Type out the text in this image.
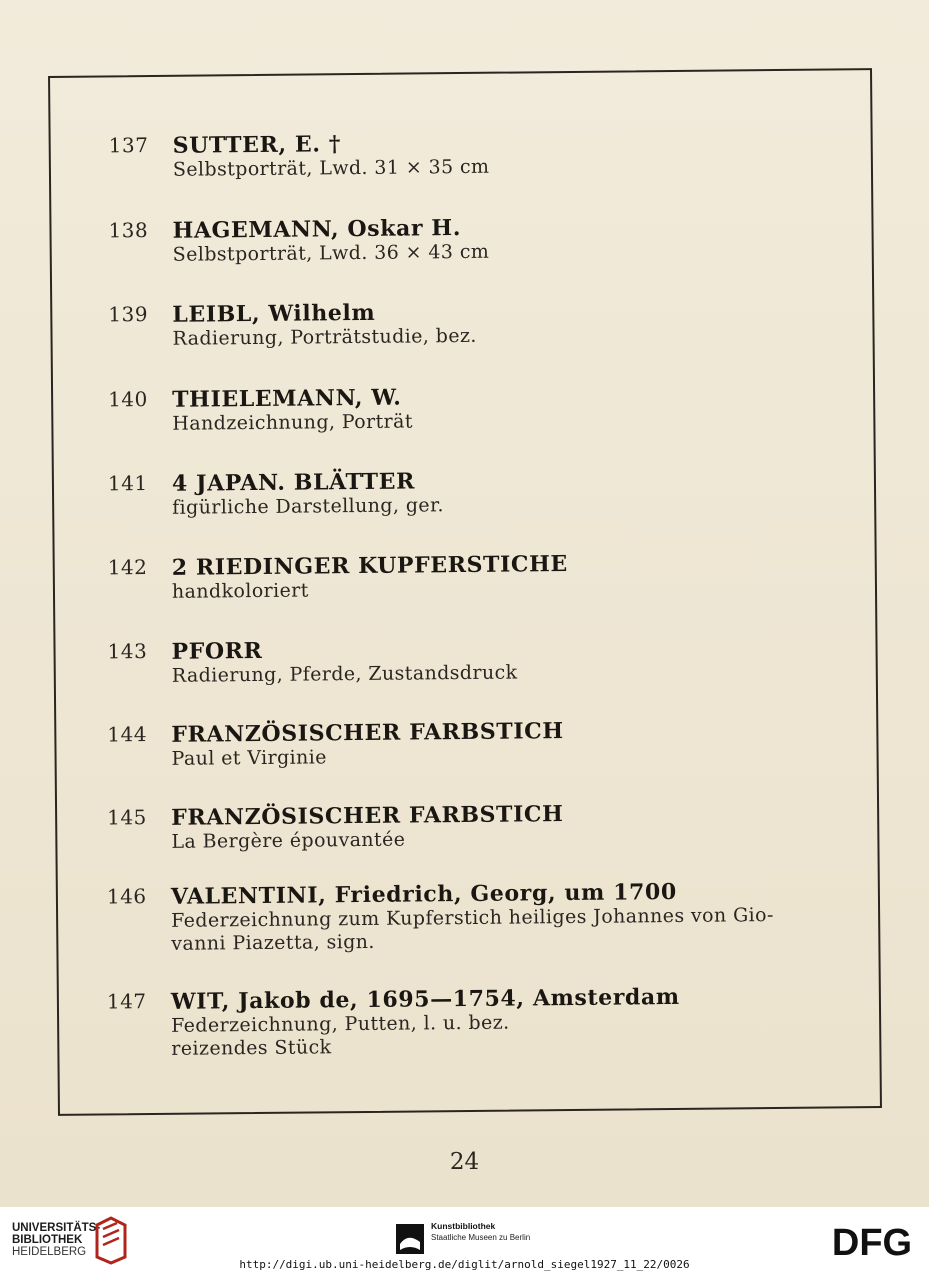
137	SUTTER, E. †
Selbstporträt, Lwd. 31 × 35 cm
138	HAGEMANN, Oskar H.
Selbstporträt, Lwd. 36 × 43 cm
139	LEIBL, Wilhelm
Radierung, Porträtstudie, bez.
140	THIELEMANN, W.
Handzeichnung, Porträt
141	4 JAPAN. BLÄTTER
figürliche Darstellung, ger.
142	2 RIEDINGER KUPFERSTICHE
handkoloriert
143	PFORR
Radierung, Pferde, Zustandsdruck
144	FRANZÖSISCHER FARBSTICH
Paul et Virginie
145	FRANZÖSISCHER FARBSTICH
La Bergère épouvantée
146	VALENTINI, Friedrich, Georg, um 1700
Federzeichnung zum Kupferstich heiliges Johannes von Gio-
vanni Piazetta, sign.
147	WIT, Jakob de, 1695—1754, Amsterdam
Federzeichnung, Putten, l. u. bez.
reizendes Stück
24
UNIVERSITÄTS-
BIBLIOTHEK
HEIDELBERG
Kunstbibliothek
Staatliche Museen zu Berlin	DFG
http://digi.ub.uni-heidelberg.de/diglit/arnold_siegel1927_11_22/0026
